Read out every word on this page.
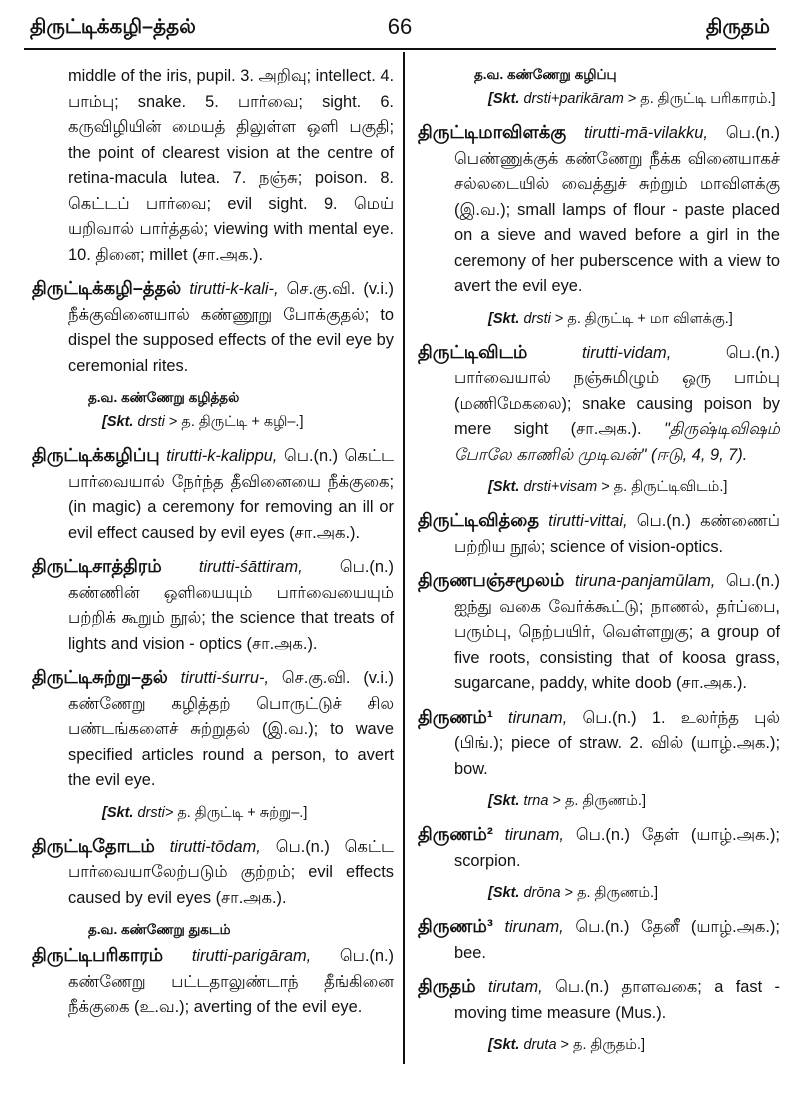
திருட்டிக்கழி–த்தல்	66	திருதம்

middle of the iris, pupil. 3. அறிவு; intellect. 4. பாம்பு; snake. 5. பார்வை; sight. 6. கருவிழியின் மையத் திலுள்ள ஒளி பகுதி; the point of clearest vision at the centre of retina-macula lutea. 7. நஞ்சு; poison. 8. கெட்டப் பார்வை; evil sight. 9. மெய் யறிவால் பார்த்தல்; viewing with mental eye. 10. தினை; millet (சா.அக.).

திருட்டிக்கழி–த்தல் tirutti-k-kali-, செ.கு.வி. (v.i.) நீக்குவினையால் கண்ணூறு போக்குதல்; to dispel the supposed effects of the evil eye by ceremonial rites.

த.வ. கண்ணேறு கழித்தல்

[Skt. drsti > த. திருட்டி + கழி–.]

திருட்டிக்கழிப்பு tirutti-k-kalippu, பெ.(n.) கெட்ட பார்வையால் நேர்ந்த தீவினையை நீக்குகை; (in magic) a ceremony for removing an ill or evil effect caused by evil eyes (சா.அக.).

திருட்டிசாத்திரம் tirutti-śāttiram, பெ.(n.) கண்ணின் ஒளியையும் பார்வையையும் பற்றிக் கூறும் நூல்; the science that treats of lights and vision - optics (சா.அக.).

திருட்டிசுற்று–தல் tirutti-śurru-, செ.கு.வி. (v.i.) கண்ணேறு கழித்தற் பொருட்டுச் சில பண்டங்களைச் சுற்றுதல் (இ.வ.); to wave specified articles round a person, to avert the evil eye.

[Skt. drsti> த. திருட்டி + சுற்று–.]

திருட்டிதோடம் tirutti-tōdam, பெ.(n.) கெட்ட பார்வையாலேற்படும் குற்றம்; evil effects caused by evil eyes (சா.அக.).

த.வ. கண்ணேறு துகடம்

திருட்டிபரிகாரம் tirutti-parigāram, பெ.(n.) கண்ணேறு பட்டதாலுண்டாந் தீங்கினை நீக்குகை (உ.வ.); averting of the evil eye.

த.வ. கண்ணேறு கழிப்பு

[Skt. drsti+parikāram > த. திருட்டி பரிகாரம்.]

திருட்டிமாவிளக்கு tirutti-mā-vilakku, பெ.(n.) பெண்ணுக்குக் கண்ணேறு நீக்க வினையாகச் சல்லடையில் வைத்துச் சுற்றும் மாவிளக்கு (இ.வ.); small lamps of flour - paste placed on a sieve and waved before a girl in the ceremony of her puberscence with a view to avert the evil eye.

[Skt. drsti > த. திருட்டி + மா விளக்கு.]

திருட்டிவிடம்	tirutti-vidam,	பெ.(n.) பார்வையால் நஞ்சுமிழும் ஒரு பாம்பு (மணிமேகலை); snake causing poison by mere sight (சா.அக.). "திருஷ்டிவிஷம் போலே காணில் முடிவன்" (ஈடு, 4, 9, 7).

[Skt. drsti+visam > த. திருட்டிவிடம்.]

திருட்டிவித்தை tirutti-vittai, பெ.(n.) கண்ணைப் பற்றிய நூல்; science of vision-optics.

திருணபஞ்சமூலம் tiruna-panjamūlam, பெ.(n.) ஐந்து வகை வேர்க்கூட்டு; நாணல், தர்ப்பை, பரும்பு, நெற்பயிர், வெள்ளறுகு; a group of five roots, consisting that of koosa grass, sugarcane, paddy, white doob (சா.அக.).

திருணம்¹ tirunam, பெ.(n.) 1. உலர்ந்த புல் (பிங்.); piece of straw. 2. வில் (யாழ்.அக.); bow.

[Skt. trna > த. திருணம்.]

திருணம்² tirunam, பெ.(n.) தேள் (யாழ்.அக.); scorpion.

[Skt. drōna > த. திருணம்.]

திருணம்³ tirunam, பெ.(n.) தேனீ (யாழ்.அக.); bee.

திருதம் tirutam, பெ.(n.) தாளவகை; a fast - moving time measure (Mus.).

[Skt. druta > த. திருதம்.]
